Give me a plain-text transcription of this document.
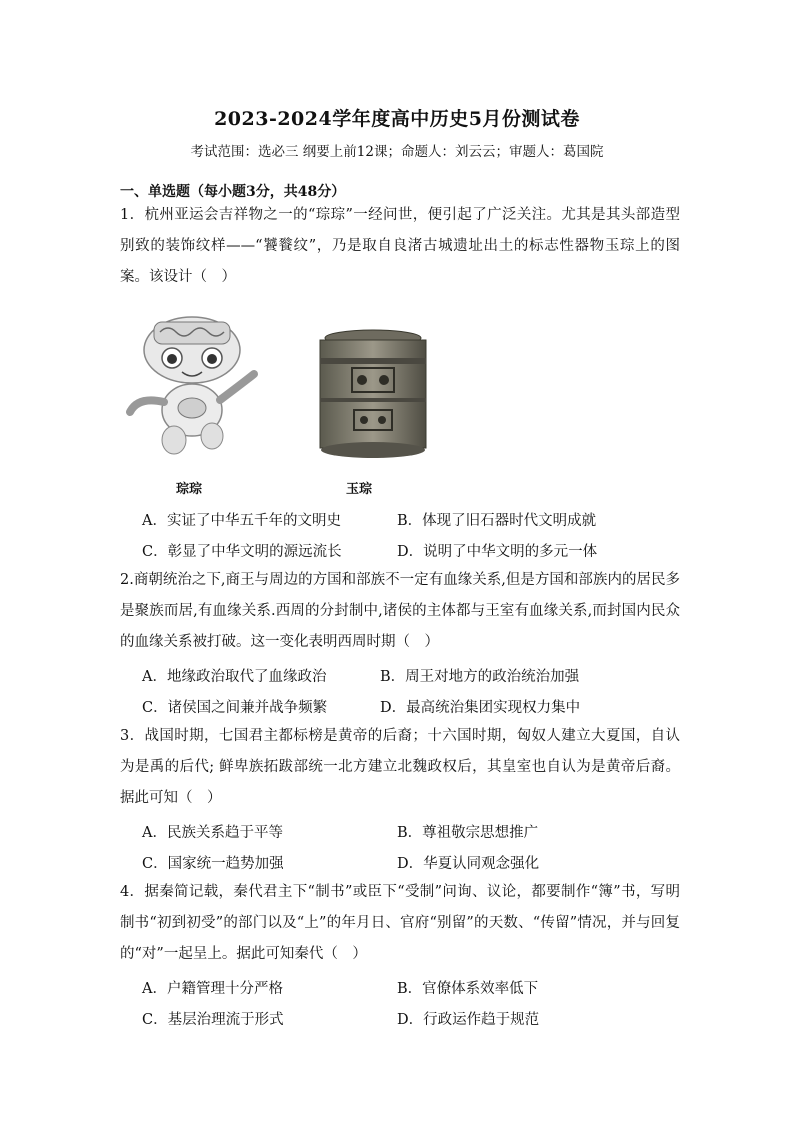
2023-2024学年度高中历史5月份测试卷
考试范围：选必三 纲要上前12课；命题人：刘云云；审题人：葛国院
一、单选题（每小题3分，共48分）
1．杭州亚运会吉祥物之一的“琮琮”一经问世，便引起了广泛关注。尤其是其头部造型别致的装饰纹样——“饕餮纹”，乃是取自良渚古城遗址出土的标志性器物玉琮上的图案。该设计（　）
琮琮	玉琮
A．实证了中华五千年的文明史	B．体现了旧石器时代文明成就
C．彰显了中华文明的源远流长	D．说明了中华文明的多元一体
2.商朝统治之下,商王与周边的方国和部族不一定有血缘关系,但是方国和部族内的居民多是聚族而居,有血缘关系.西周的分封制中,诸侯的主体都与王室有血缘关系,而封国内民众的血缘关系被打破。这一变化表明西周时期（　）
A．地缘政治取代了血缘政治	B．周王对地方的政治统治加强
C．诸侯国之间兼并战争频繁	D．最高统治集团实现权力集中
3．战国时期，七国君主都标榜是黄帝的后裔；十六国时期，匈奴人建立大夏国，自认为是禹的后代; 鲜卑族拓跋部统一北方建立北魏政权后，其皇室也自认为是黄帝后裔。据此可知（　）
A．民族关系趋于平等	B．尊祖敬宗思想推广
C．国家统一趋势加强	D．华夏认同观念强化
4．据秦简记载，秦代君主下“制书”或臣下“受制”问询、议论，都要制作“簿”书，写明制书“初到初受”的部门以及“上”的年月日、官府“别留”的天数、“传留”情况，并与回复的“对”一起呈上。据此可知秦代（　）
A．户籍管理十分严格	B．官僚体系效率低下
C．基层治理流于形式	D．行政运作趋于规范
